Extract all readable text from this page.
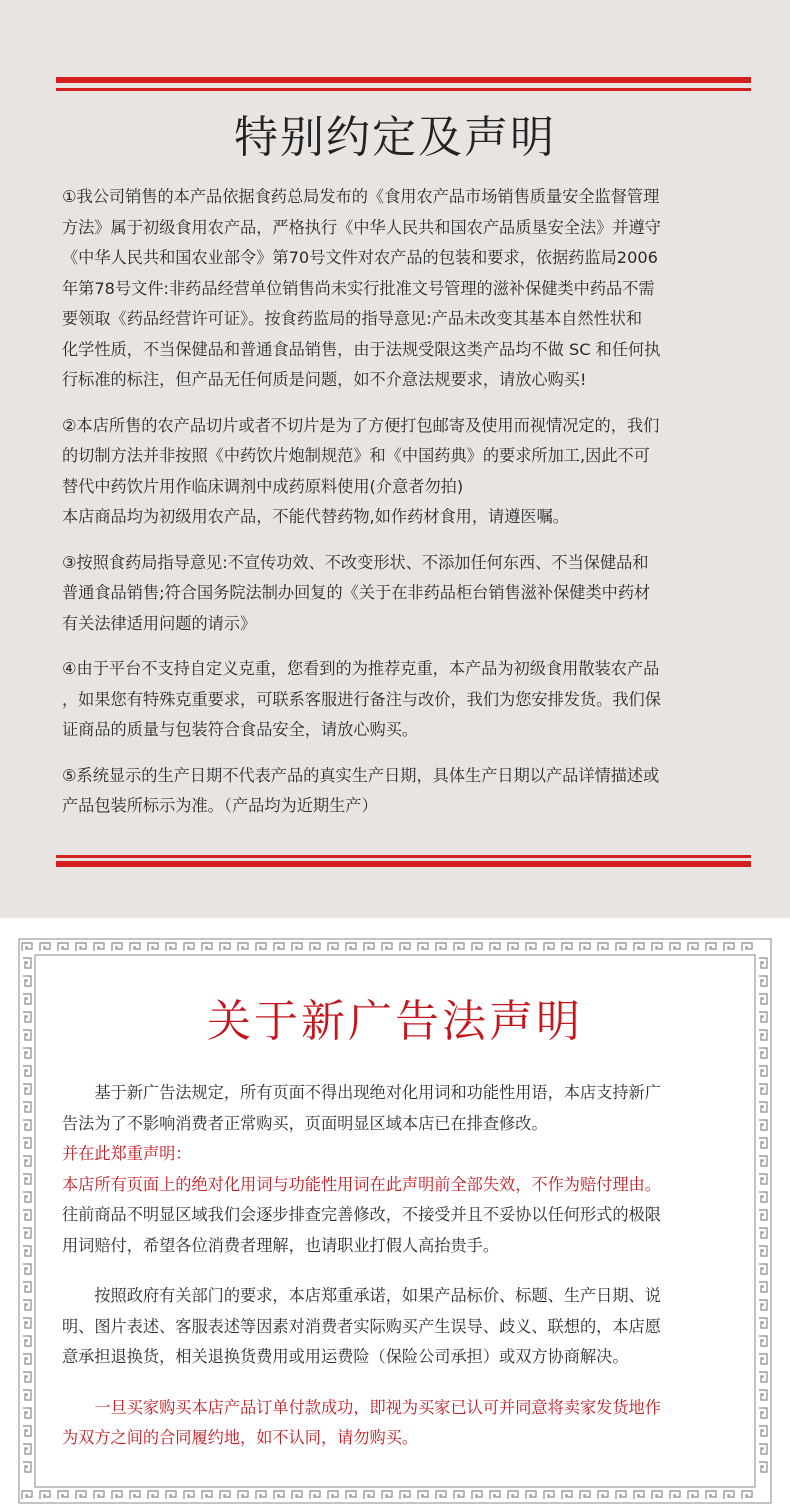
特别约定及声明
①我公司销售的本产品依据食药总局发布的《食用农产品市场销售质量安全监督管理
方法》属于初级食用农产品，严格执行《中华人民共和国农产品质垦安全法》并遵守
《中华人民共和国农业部令》第70号文件对农产品的包装和要求，依据药监局2006
年第78号文件:非药品经营单位销售尚未实行批准文号管理的滋补保健类中药品不需
要领取《药品经营许可证》。按食药监局的指导意见:产品未改变其基本自然性状和
化学性质，不当保健品和普通食品销售，由于法规受限这类产品均不做 SC 和任何执
行标准的标注，但产品无任何质是问题，如不介意法规要求，请放心购买!
②本店所售的农产品切片或者不切片是为了方便打包邮寄及使用而视情况定的，我们
的切制方法并非按照《中药饮片炮制规范》和《中国药典》的要求所加工,因此不可
替代中药饮片用作临床调剂中成药原料使用(介意者勿拍)
本店商品均为初级用农产品，不能代替药物,如作药材食用，请遵医嘱。
③按照食药局指导意见:不宣传功效、不改变形状、不添加任何东西、不当保健品和
普通食品销售;符合国务院法制办回复的《关于在非药品柜台销售滋补保健类中药材
有关法律适用问题的请示》
④由于平台不支持自定义克重，您看到的为推荐克重，本产品为初级食用散装农产品
，如果您有特殊克重要求，可联系客服进行备注与改价，我们为您安排发货。我们保
证商品的质量与包装符合食品安全，请放心购买。
⑤系统显示的生产日期不代表产品的真实生产日期，具体生产日期以产品详情描述或
产品包装所标示为准。（产品均为近期生产）
关于新广告法声明
　　基于新广告法规定，所有页面不得出现绝对化用词和功能性用语，本店支持新广
告法为了不影响消费者正常购买，页面明显区域本店已在排查修改。
并在此郑重声明：
本店所有页面上的绝对化用词与功能性用词在此声明前全部失效，不作为赔付理由。
往前商品不明显区域我们会逐步排查完善修改，不接受并且不妥协以任何形式的极限
用词赔付，希望各位消费者理解，也请职业打假人高抬贵手。
　　按照政府有关部门的要求，本店郑重承诺，如果产品标价、标题、生产日期、说
明、图片表述、客服表述等因素对消费者实际购买产生误导、歧义、联想的，本店愿
意承担退换货，相关退换货费用或用运费险（保险公司承担）或双方协商解决。
　　一旦买家购买本店产品订单付款成功，即视为买家已认可并同意将卖家发货地作
为双方之间的合同履约地，如不认同，请勿购买。
